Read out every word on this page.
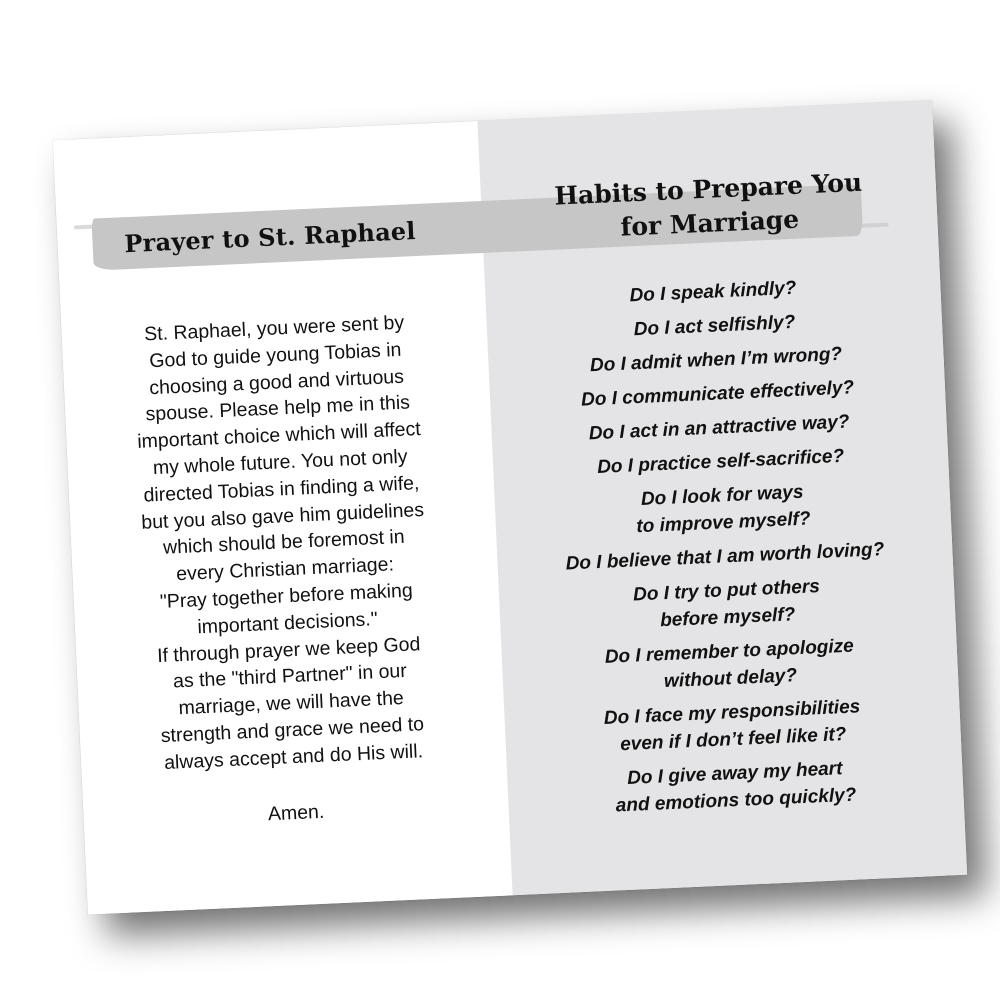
Prayer to St. Raphael

St. Raphael, you were sent by
God to guide young Tobias in
choosing a good and virtuous
spouse. Please help me in this
important choice which will affect
my whole future. You not only
directed Tobias in finding a wife,
but you also gave him guidelines
which should be foremost in
every Christian marriage:
"Pray together before making
important decisions."
If through prayer we keep God
as the "third Partner" in our
marriage, we will have the
strength and grace we need to
always accept and do His will.

Amen.

Habits to Prepare You
for Marriage
Do I speak kindly?
Do I act selfishly?
Do I admit when I’m wrong?
Do I communicate effectively?
Do I act in an attractive way?
Do I practice self-sacrifice?
Do I look for ways
to improve myself?
Do I believe that I am worth loving?
Do I try to put others
before myself?
Do I remember to apologize
without delay?
Do I face my responsibilities
even if I don’t feel like it?
Do I give away my heart
and emotions too quickly?
